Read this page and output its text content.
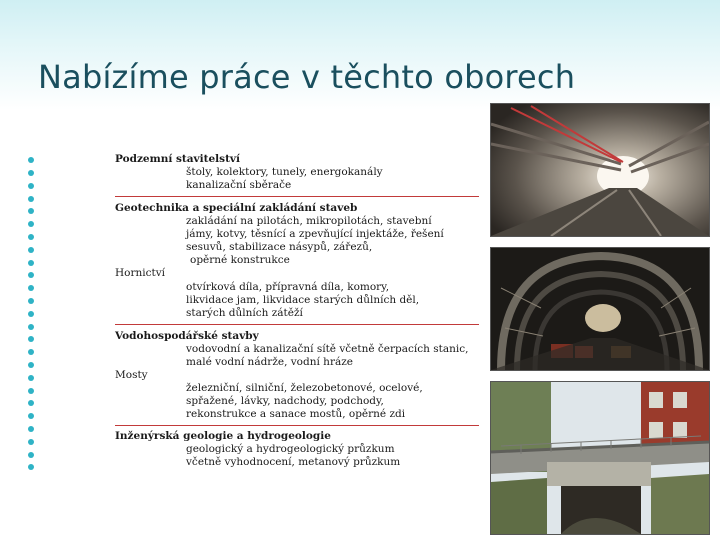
Nabízíme práce v těchto oborech
Podzemní stavitelství
štoly, kolektory, tunely, energokanály
kanalizační sběrače
Geotechnika a speciální zakládání staveb
zakládání na pilotách, mikropilotách, stavební
jámy, kotvy, těsnící a zpevňující injektáže, řešení
sesuvů, stabilizace násypů, zářezů,
opěrné konstrukce
Hornictví
otvírková díla, přípravná díla, komory,
likvidace jam, likvidace starých důlních děl,
starých důlních zátěží
Vodohospodářské stavby
vodovodní a kanalizační sítě včetně čerpacích stanic,
malé vodní nádrže, vodní hráze
Mosty
železniční, silniční, železobetonové, ocelové,
spřažené, lávky, nadchody, podchody,
rekonstrukce a sanace mostů, opěrné zdi
Inženýrská geologie a hydrogeologie
geologický a hydrogeologický průzkum
včetně vyhodnocení, metanový průzkum
